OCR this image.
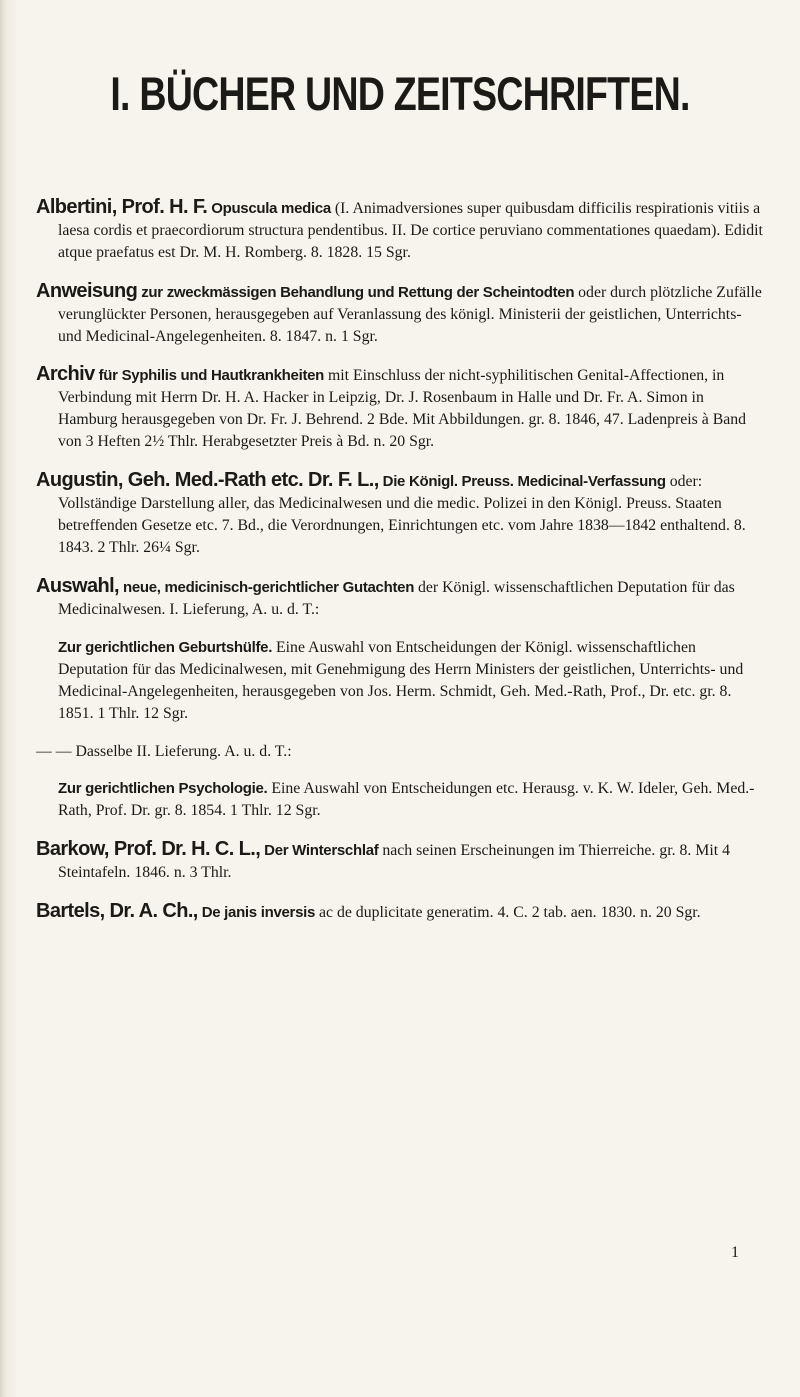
I. BÜCHER UND ZEITSCHRIFTEN.

Albertini, Prof. H. F. Opuscula medica (I. Animadversiones super quibusdam difficilis respirationis vitiis a laesa cordis et praecordiorum structura pendentibus. II. De cortice peruviano commentationes quaedam). Edidit atque praefatus est Dr. M. H. Romberg. 8. 1828. 15 Sgr.

Anweisung zur zweckmässigen Behandlung und Rettung der Scheintodten oder durch plötzliche Zufälle verunglückter Personen, herausgegeben auf Veranlassung des königl. Ministerii der geistlichen, Unterrichts- und Medicinal-Angelegenheiten. 8. 1847. n. 1 Sgr.

Archiv für Syphilis und Hautkrankheiten mit Einschluss der nicht-syphilitischen Genital-Affectionen, in Verbindung mit Herrn Dr. H. A. Hacker in Leipzig, Dr. J. Rosenbaum in Halle und Dr. Fr. A. Simon in Hamburg herausgegeben von Dr. Fr. J. Behrend. 2 Bde. Mit Abbildungen. gr. 8. 1846, 47. Ladenpreis à Band von 3 Heften 2½ Thlr. Herabgesetzter Preis à Bd. n. 20 Sgr.

Augustin, Geh. Med.-Rath etc. Dr. F. L., Die Königl. Preuss. Medicinal-Verfassung oder: Vollständige Darstellung aller, das Medicinalwesen und die medic. Polizei in den Königl. Preuss. Staaten betreffenden Gesetze etc. 7. Bd., die Verordnungen, Einrichtungen etc. vom Jahre 1838—1842 enthaltend. 8. 1843. 2 Thlr. 26¼ Sgr.

Auswahl, neue, medicinisch-gerichtlicher Gutachten der Königl. wissenschaftlichen Deputation für das Medicinalwesen. I. Lieferung, A. u. d. T.:

Zur gerichtlichen Geburtshülfe. Eine Auswahl von Entscheidungen der Königl. wissenschaftlichen Deputation für das Medicinalwesen, mit Genehmigung des Herrn Ministers der geistlichen, Unterrichts- und Medicinal-Angelegenheiten, herausgegeben von Jos. Herm. Schmidt, Geh. Med.-Rath, Prof., Dr. etc. gr. 8. 1851. 1 Thlr. 12 Sgr.

— — Dasselbe II. Lieferung. A. u. d. T.:

Zur gerichtlichen Psychologie. Eine Auswahl von Entscheidungen etc. Herausg. v. K. W. Ideler, Geh. Med.-Rath, Prof. Dr. gr. 8. 1854. 1 Thlr. 12 Sgr.

Barkow, Prof. Dr. H. C. L., Der Winterschlaf nach seinen Erscheinungen im Thierreiche. gr. 8. Mit 4 Steintafeln. 1846. n. 3 Thlr.

Bartels, Dr. A. Ch., De janis inversis ac de duplicitate generatim. 4. C. 2 tab. aen. 1830. n. 20 Sgr.

1
